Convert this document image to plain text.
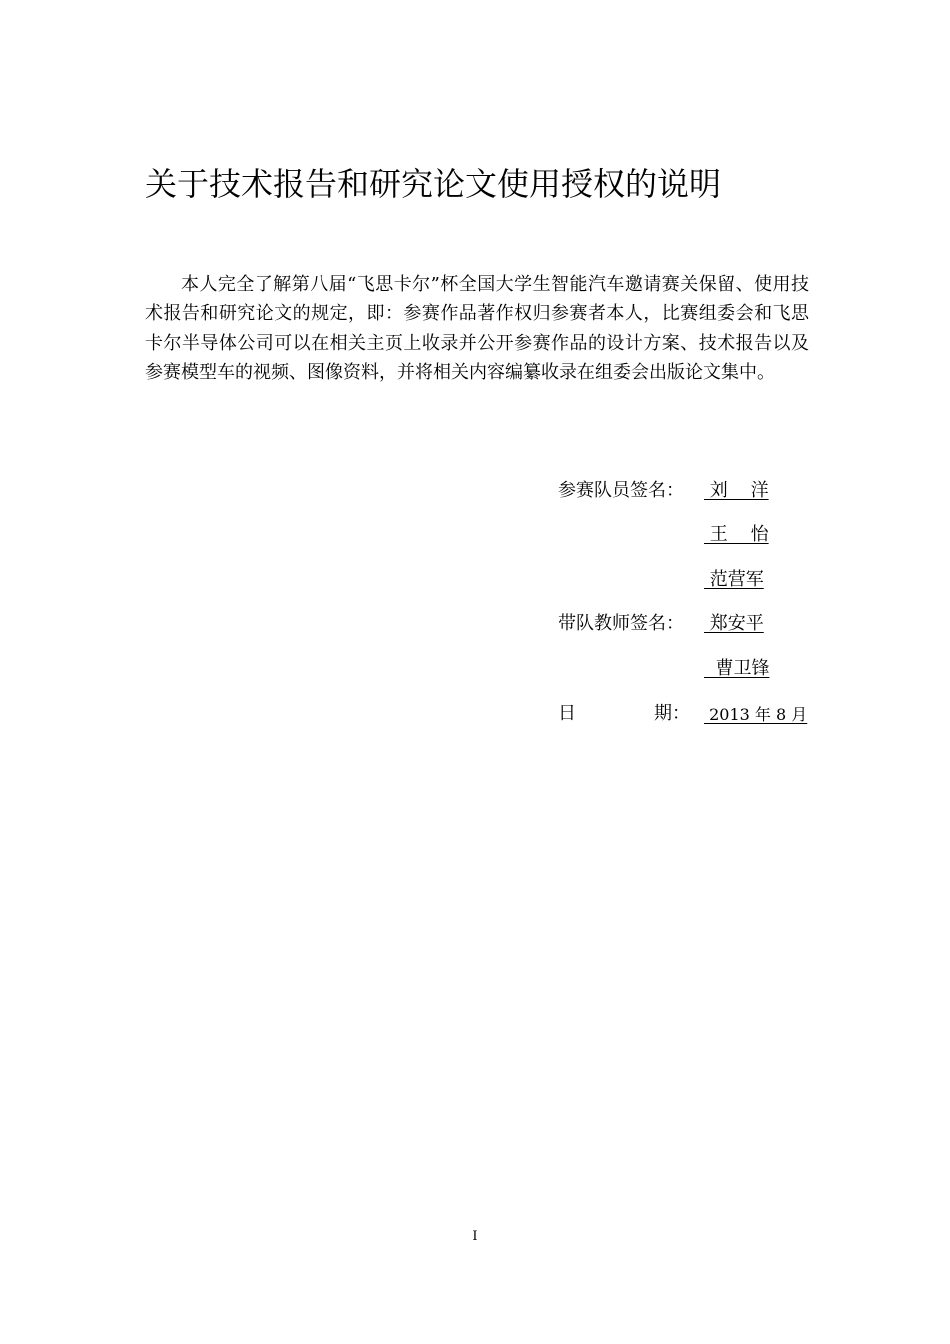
关于技术报告和研究论文使用授权的说明

本人完全了解第八届“飞思卡尔”杯全国大学生智能汽车邀请赛关保留、使用技术报告和研究论文的规定，即：参赛作品著作权归参赛者本人，比赛组委会和飞思卡尔半导体公司可以在相关主页上收录并公开参赛作品的设计方案、技术报告以及参赛模型车的视频、图像资料，并将相关内容编纂收录在组委会出版论文集中。

参赛队员签名： 刘    洋
王    怡
范营军
带队教师签名： 郑安平
曹卫锋
日	期： 2013 年 8 月
I
